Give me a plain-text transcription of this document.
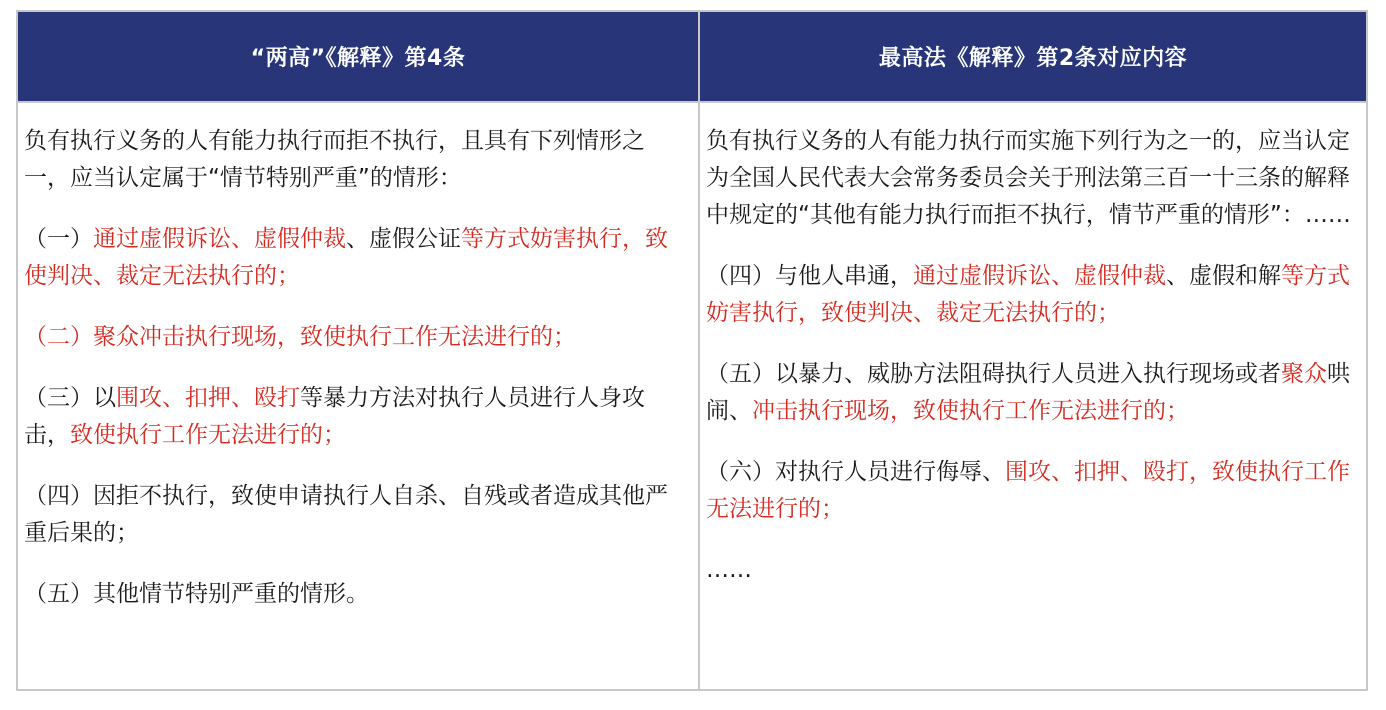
“两高”《解释》第4条	最高法《解释》第2条对应内容

负有执行义务的人有能力执行而拒不执行，且具有下列情形之一，应当认定属于“情节特别严重”的情形：

（一）通过虚假诉讼、虚假仲裁、虚假公证等方式妨害执行，致使判决、裁定无法执行的；

（二）聚众冲击执行现场，致使执行工作无法进行的；

（三）以围攻、扣押、殴打等暴力方法对执行人员进行人身攻击，致使执行工作无法进行的；

（四）因拒不执行，致使申请执行人自杀、自残或者造成其他严重后果的；

（五）其他情节特别严重的情形。

负有执行义务的人有能力执行而实施下列行为之一的，应当认定为全国人民代表大会常务委员会关于刑法第三百一十三条的解释中规定的“其他有能力执行而拒不执行，情节严重的情形”：……

（四）与他人串通，通过虚假诉讼、虚假仲裁、虚假和解等方式妨害执行，致使判决、裁定无法执行的；

（五）以暴力、威胁方法阻碍执行人员进入执行现场或者聚众哄闹、冲击执行现场，致使执行工作无法进行的；

（六）对执行人员进行侮辱、围攻、扣押、殴打，致使执行工作无法进行的；

……
